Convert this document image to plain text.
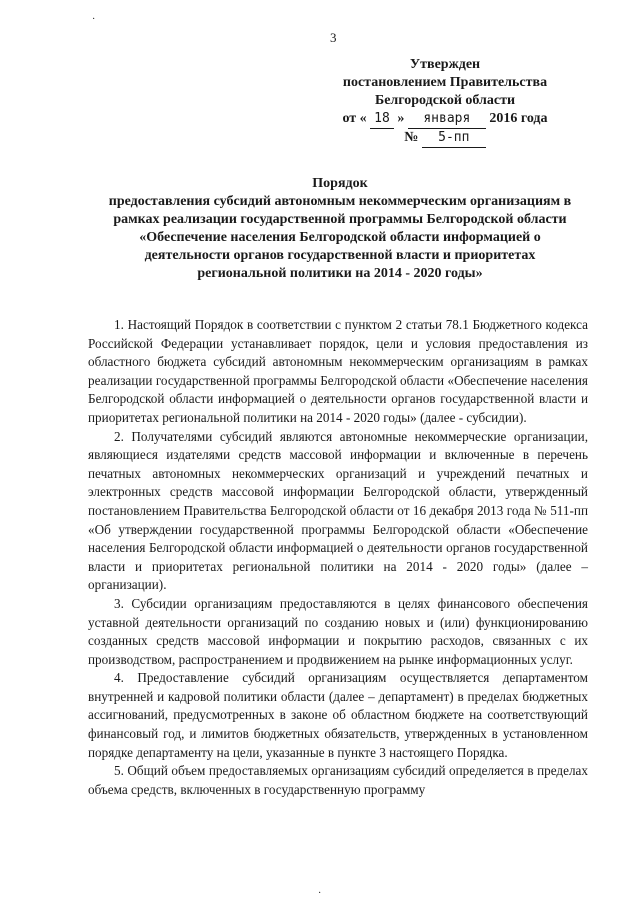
·
·
3
Утвержден
постановлением Правительства
Белгородской области
от « 18 » января 2016 года
№ 5-пп
Порядок
предоставления субсидий автономным некоммерческим организациям в
рамках реализации государственной программы Белгородской области
«Обеспечение населения Белгородской области информацией о
деятельности органов государственной власти и приоритетах
региональной политики на 2014 - 2020 годы»

1. Настоящий Порядок в соответствии с пунктом 2 статьи 78.1 Бюджетного кодекса Российской Федерации устанавливает порядок, цели и условия предоставления из областного бюджета субсидий автономным некоммерческим организациям в рамках реализации государственной программы Белгородской области «Обеспечение населения Белгородской области информацией о деятельности органов государственной власти и приоритетах региональной политики на 2014 - 2020 годы» (далее - субсидии).

2. Получателями субсидий являются автономные некоммерческие организации, являющиеся издателями средств массовой информации и включенные в перечень печатных автономных некоммерческих организаций и учреждений печатных и электронных средств массовой информации Белгородской области, утвержденный постановлением Правительства Белгородской области от 16 декабря 2013 года № 511-пп «Об утверждении государственной программы Белгородской области «Обеспечение населения Белгородской области информацией о деятельности органов государственной власти и приоритетах региональной политики на 2014 - 2020 годы» (далее – организации).

3. Субсидии организациям предоставляются в целях финансового обеспечения уставной деятельности организаций по созданию новых и (или) функционированию созданных средств массовой информации и покрытию расходов, связанных с их производством, распространением и продвижением на рынке информационных услуг.

4. Предоставление субсидий организациям осуществляется департаментом внутренней и кадровой политики области (далее – департамент) в пределах бюджетных ассигнований, предусмотренных в законе об областном бюджете на соответствующий финансовый год, и лимитов бюджетных обязательств, утвержденных в установленном порядке департаменту на цели, указанные в пункте 3 настоящего Порядка.

5. Общий объем предоставляемых организациям субсидий определяется в пределах объема средств, включенных в государственную программу
